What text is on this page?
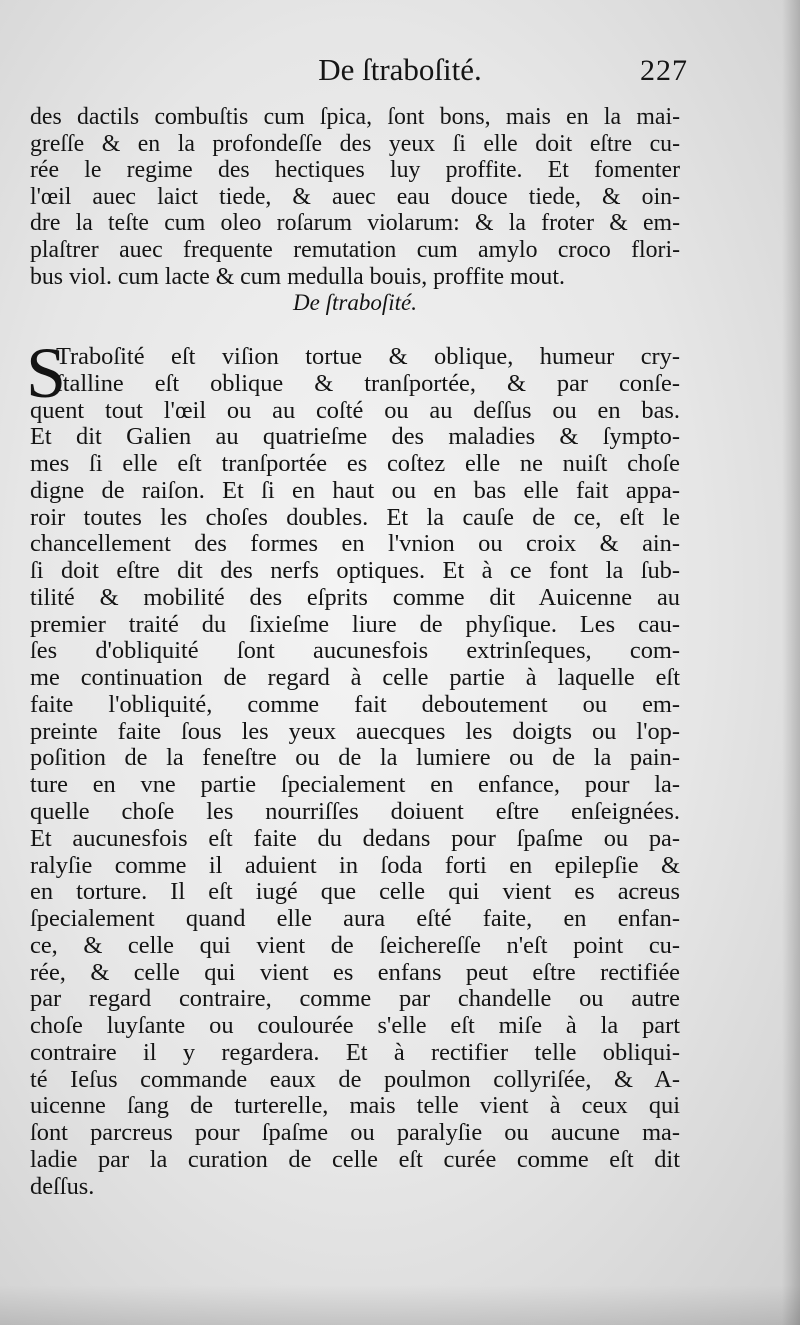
De ſtraboſité.	227
des dactils combuſtis cum ſpica, ſont bons, mais en la mai-
greſſe & en la profondeſſe des yeux ſi elle doit eſtre cu-
rée le regime des hectiques luy proffite. Et fomenter
l'œil auec laict tiede, & auec eau douce tiede, & oin-
dre la teſte cum oleo roſarum violarum: & la froter & em-
plaſtrer auec frequente remutation cum amylo croco flori-
bus viol. cum lacte & cum medulla bouis, proffite mout.
De ſtraboſité.
S
Traboſité eſt viſion tortue & oblique, humeur cry-
ſtalline eſt oblique & tranſportée, & par conſe-
quent tout l'œil ou au coſté ou au deſſus ou en bas.
Et dit Galien au quatrieſme des maladies & ſympto-
mes ſi elle eſt tranſportée es coſtez elle ne nuiſt choſe
digne de raiſon. Et ſi en haut ou en bas elle fait appa-
roir toutes les choſes doubles. Et la cauſe de ce, eſt le
chancellement des formes en l'vnion ou croix & ain-
ſi doit eſtre dit des nerfs optiques. Et à ce font la ſub-
tilité & mobilité des eſprits comme dit Auicenne au
premier traité du ſixieſme liure de phyſique. Les cau-
ſes d'obliquité ſont aucunesfois extrinſeques, com-
me continuation de regard à celle partie à laquelle eſt
faite l'obliquité, comme fait deboutement ou em-
preinte faite ſous les yeux auecques les doigts ou l'op-
poſition de la feneſtre ou de la lumiere ou de la pain-
ture en vne partie ſpecialement en enfance, pour la-
quelle choſe les nourriſſes doiuent eſtre enſeignées.
Et aucunesfois eſt faite du dedans pour ſpaſme ou pa-
ralyſie comme il aduient in ſoda forti en epilepſie &
en torture. Il eſt iugé que celle qui vient es acreus
ſpecialement quand elle aura eſté faite, en enfan-
ce, & celle qui vient de ſeichereſſe n'eſt point cu-
rée, & celle qui vient es enfans peut eſtre rectifiée
par regard contraire, comme par chandelle ou autre
choſe luyſante ou coulourée s'elle eſt miſe à la part
contraire il y regardera. Et à rectifier telle obliqui-
té Ieſus commande eaux de poulmon collyriſée, & A-
uicenne ſang de turterelle, mais telle vient à ceux qui
ſont parcreus pour ſpaſme ou paralyſie ou aucune ma-
ladie par la curation de celle eſt curée comme eſt dit
deſſus.
